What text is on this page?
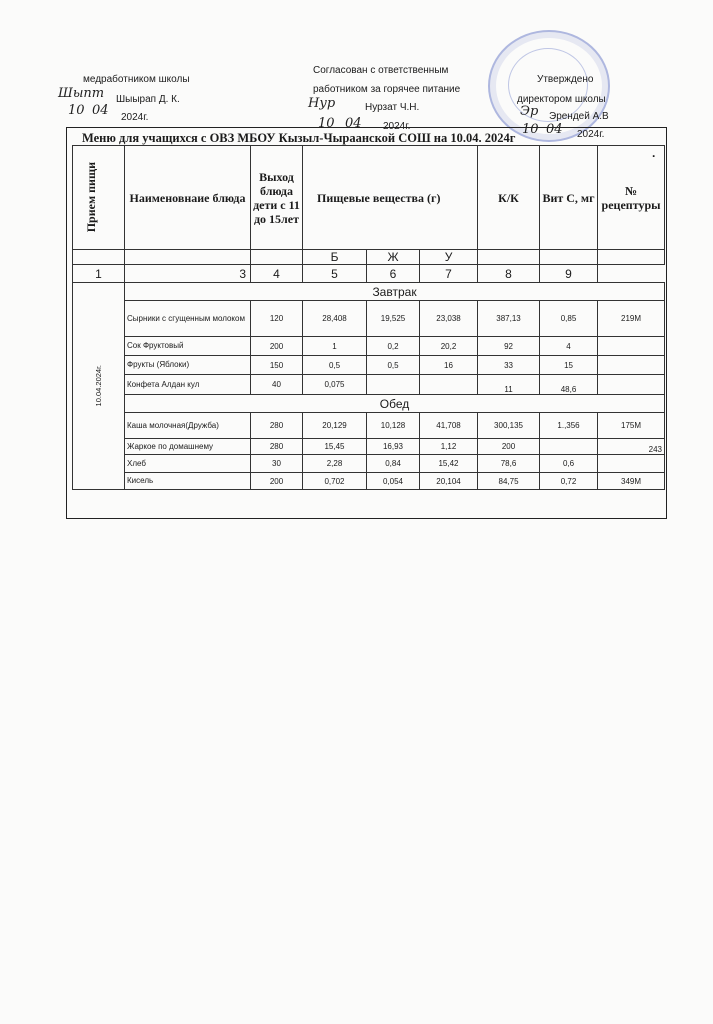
медработником школы
Шыпт Шыырап Д. К.
10 04 2024г.
Согласован с ответственным
работником за горячее питание
Нур	Нурзат Ч.Н.
10 04 2024г.
Утверждено
директором школы
Эр Эрендей А.В
10 04 2024г.
Меню для учащихся с ОВЗ МБОУ Кызыл-Чыраанской СОШ на 10.04. 2024г
.
Прием пищи	Наименовнаие блюда	Выход блюда дети с 11 до 15лет	Пищевые вещества (г)			К/К	Вит С, мг	№ рецептуры
			Б	Ж	У			
1	3	4	5	6	7	8	9	

10.04.2024г.	Завтрак							
	Сырники с сгущенным молоком	120	28,408	19,525	23,038	387,13	0,85	219М
	Сок Фруктовый	200	1	0,2	20,2	92	4	
	Фрукты (Яблоки)	150	0,5	0,5	16	33	15	
	Конфета Алдан кул	40	0,075			11	48,6	
	Обед							
	Каша молочная(Дружба)	280	20,129	10,128	41,708	300,135	1.,356	175М
	Жаркое по домашнему	280	15,45	16,93	1,12	200		243
	Хлеб	30	2,28	0,84	15,42	78,6	0,6	
	Кисель	200	0,702	0,054	20,104	84,75	0,72	349М
